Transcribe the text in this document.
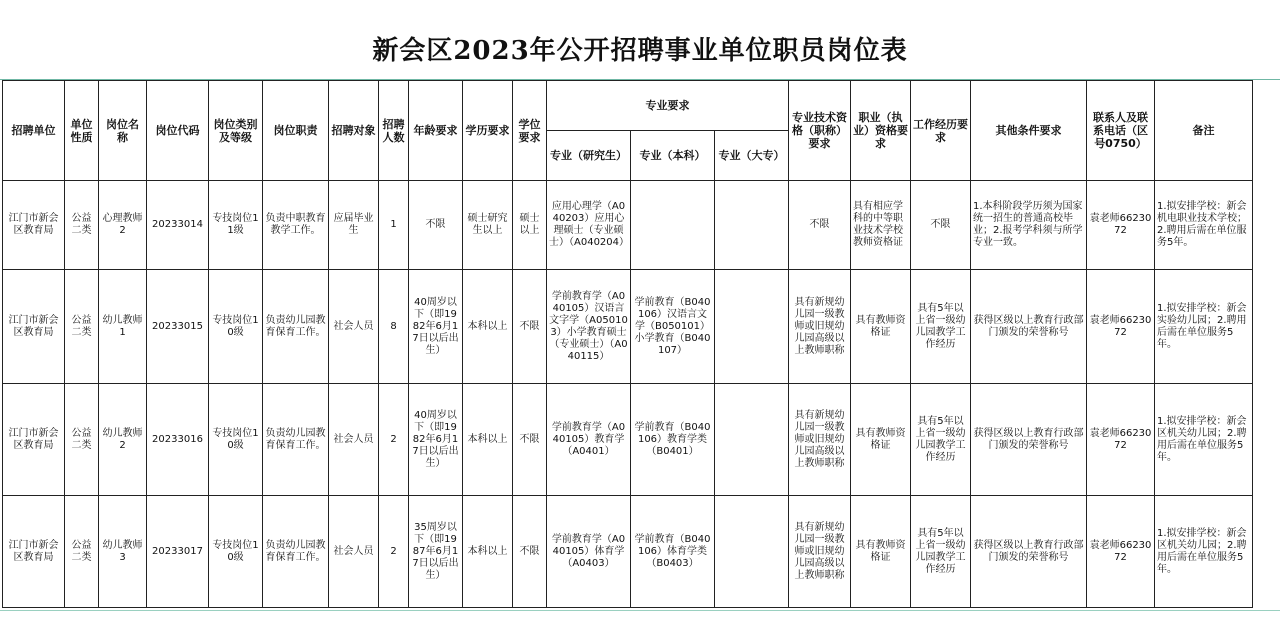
新会区2023年公开招聘事业单位职员岗位表
招聘单位	单位性质	岗位名称	岗位代码	岗位类别及等级	岗位职责	招聘对象	招聘人数	年龄要求	学历要求	学位要求	专业要求			专业技术资格（职称）要求	职业（执业）资格要求	工作经历要求	其他条件要求	联系人及联系电话（区号0750）	备注
											专业（研究生）	专业（本科）	专业（大专）						
江门市新会区教育局	公益二类	心理教师2	20233014	专技岗位11级	负责中职教育教学工作。	应届毕业生	1	不限	硕士研究生以上	硕士以上	应用心理学（A040203）应用心理硕士（专业硕士）（A040204）			不限	具有相应学科的中等职业技术学校教师资格证	不限	1.本科阶段学历须为国家统一招生的普通高校毕业；2.报考学科须与所学专业一致。	袁老师6623072	1.拟安排学校：新会机电职业技术学校；2.聘用后需在单位服务5年。
江门市新会区教育局	公益二类	幼儿教师1	20233015	专技岗位10级	负责幼儿园教育保育工作。	社会人员	8	40周岁以下（即1982年6月17日以后出生）	本科以上	不限	学前教育学（A040105）汉语言文字学（A050103）小学教育硕士（专业硕士）（A040115）	学前教育（B040106）汉语言文学（B050101）小学教育（B040107）		具有新规幼儿园一级教师或旧规幼儿园高级以上教师职称	具有教师资格证	具有5年以上省一级幼儿园教学工作经历	获得区级以上教育行政部门颁发的荣誉称号	袁老师6623072	1.拟安排学校：新会实验幼儿园；2.聘用后需在单位服务5年。
江门市新会区教育局	公益二类	幼儿教师2	20233016	专技岗位10级	负责幼儿园教育保育工作。	社会人员	2	40周岁以下（即1982年6月17日以后出生）	本科以上	不限	学前教育学（A040105）教育学（A0401）	学前教育（B040106）教育学类（B0401）		具有新规幼儿园一级教师或旧规幼儿园高级以上教师职称	具有教师资格证	具有5年以上省一级幼儿园教学工作经历	获得区级以上教育行政部门颁发的荣誉称号	袁老师6623072	1.拟安排学校：新会区机关幼儿园；2.聘用后需在单位服务5年。
江门市新会区教育局	公益二类	幼儿教师3	20233017	专技岗位10级	负责幼儿园教育保育工作。	社会人员	2	35周岁以下（即1987年6月17日以后出生）	本科以上	不限	学前教育学（A040105）体育学（A0403）	学前教育（B040106）体育学类（B0403）		具有新规幼儿园一级教师或旧规幼儿园高级以上教师职称	具有教师资格证	具有5年以上省一级幼儿园教学工作经历	获得区级以上教育行政部门颁发的荣誉称号	袁老师6623072	1.拟安排学校：新会区机关幼儿园；2.聘用后需在单位服务5年。
